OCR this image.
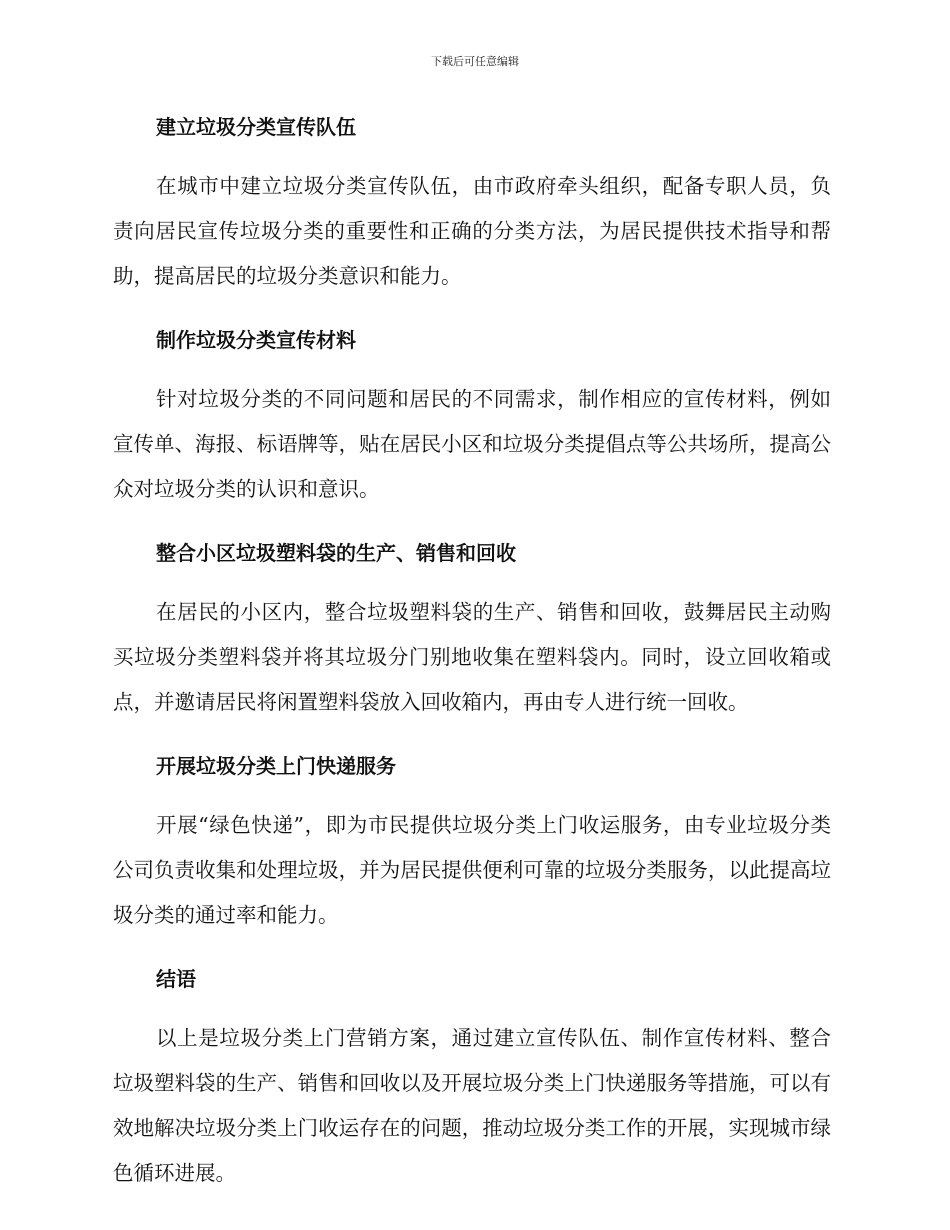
下载后可任意编辑
建立垃圾分类宣传队伍

在城市中建立垃圾分类宣传队伍，由市政府牵头组织，配备专职人员，负责向居民宣传垃圾分类的重要性和正确的分类方法，为居民提供技术指导和帮助，提高居民的垃圾分类意识和能力。

制作垃圾分类宣传材料

针对垃圾分类的不同问题和居民的不同需求，制作相应的宣传材料，例如宣传单、海报、标语牌等，贴在居民小区和垃圾分类提倡点等公共场所，提高公众对垃圾分类的认识和意识。

整合小区垃圾塑料袋的生产、销售和回收

在居民的小区内，整合垃圾塑料袋的生产、销售和回收，鼓舞居民主动购买垃圾分类塑料袋并将其垃圾分门别地收集在塑料袋内。同时，设立回收箱或点，并邀请居民将闲置塑料袋放入回收箱内，再由专人进行统一回收。

开展垃圾分类上门快递服务

开展“绿色快递”，即为市民提供垃圾分类上门收运服务，由专业垃圾分类公司负责收集和处理垃圾，并为居民提供便利可靠的垃圾分类服务，以此提高垃圾分类的通过率和能力。

结语

以上是垃圾分类上门营销方案，通过建立宣传队伍、制作宣传材料、整合垃圾塑料袋的生产、销售和回收以及开展垃圾分类上门快递服务等措施，可以有效地解决垃圾分类上门收运存在的问题，推动垃圾分类工作的开展，实现城市绿色循环进展。
